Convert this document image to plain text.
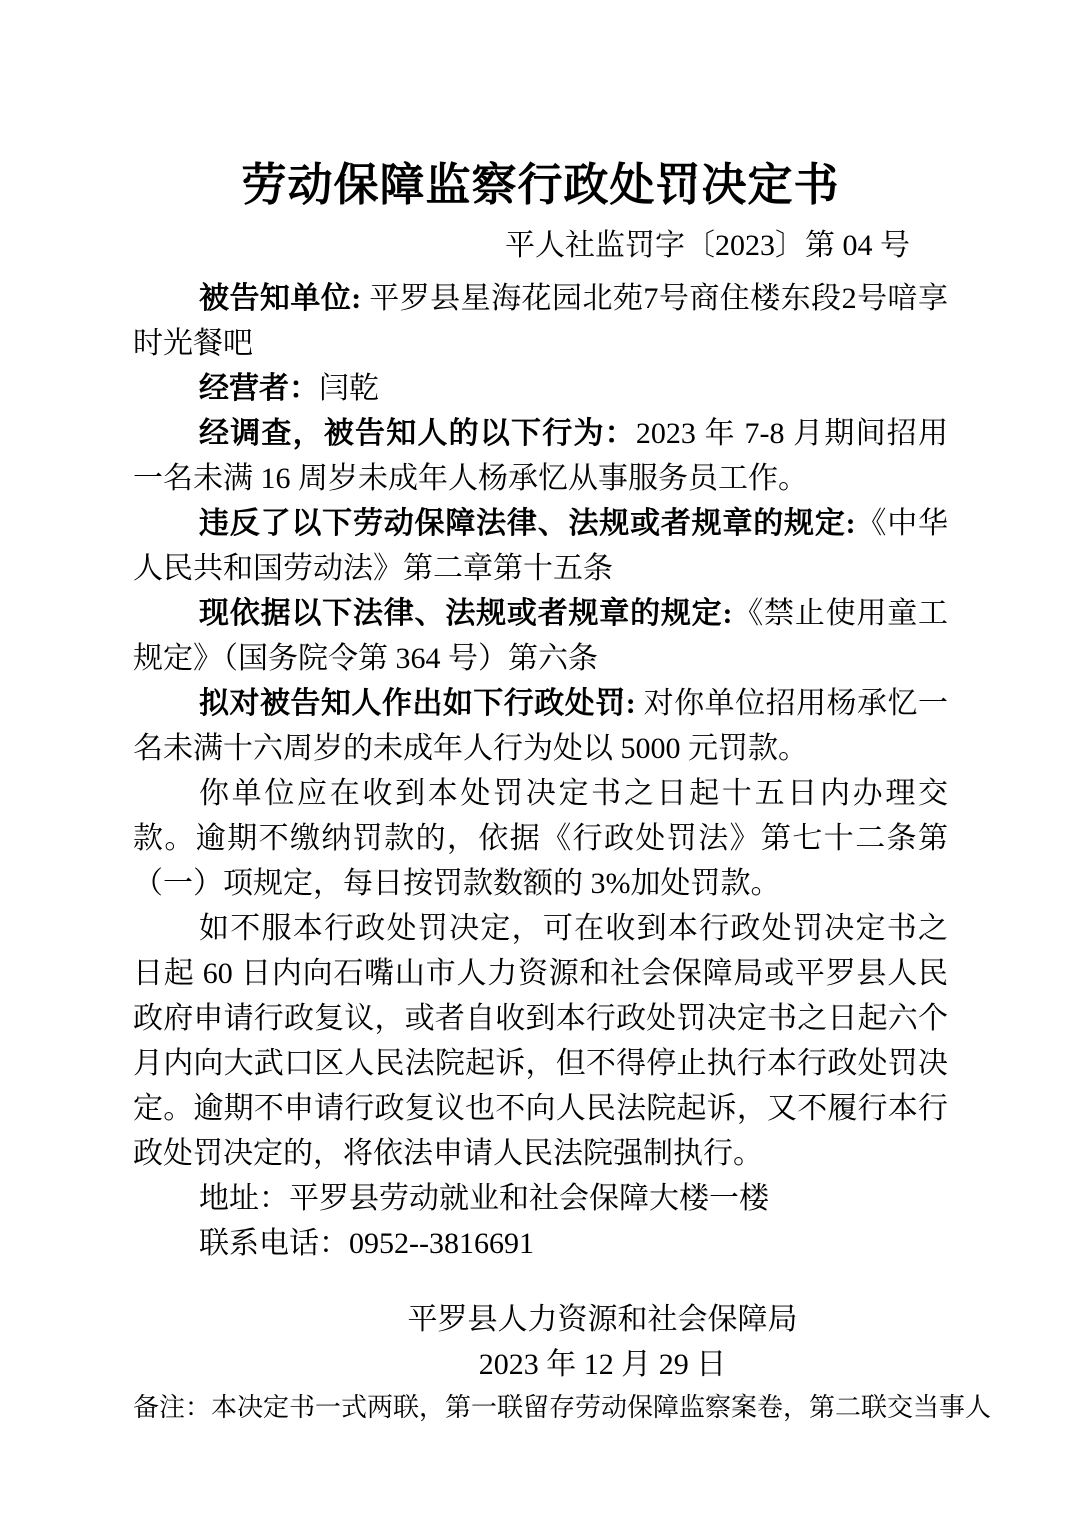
劳动保障监察行政处罚决定书
平人社监罚字〔2023〕第 04 号

被告知单位: 平罗县星海花园北苑7号商住楼东段2号喑享时光餐吧

经营者：闫乾

经调查，被告知人的以下行为：2023 年 7-8 月期间招用一名未满 16 周岁未成年人杨承忆从事服务员工作。

违反了以下劳动保障法律、法规或者规章的规定:《中华人民共和国劳动法》第二章第十五条

现依据以下法律、法规或者规章的规定:《禁止使用童工规定》（国务院令第 364 号）第六条

拟对被告知人作出如下行政处罚: 对你单位招用杨承忆一名未满十六周岁的未成年人行为处以 5000 元罚款。

你单位应在收到本处罚决定书之日起十五日内办理交款。逾期不缴纳罚款的，依据《行政处罚法》第七十二条第（一）项规定，每日按罚款数额的 3%加处罚款。

如不服本行政处罚决定，可在收到本行政处罚决定书之日起 60 日内向石嘴山市人力资源和社会保障局或平罗县人民政府申请行政复议，或者自收到本行政处罚决定书之日起六个月内向大武口区人民法院起诉，但不得停止执行本行政处罚决定。逾期不申请行政复议也不向人民法院起诉，又不履行本行政处罚决定的，将依法申请人民法院强制执行。

地址：平罗县劳动就业和社会保障大楼一楼

联系电话：0952--3816691

平罗县人力资源和社会保障局
2023 年 12 月 29 日
备注：本决定书一式两联，第一联留存劳动保障监察案卷，第二联交当事人
